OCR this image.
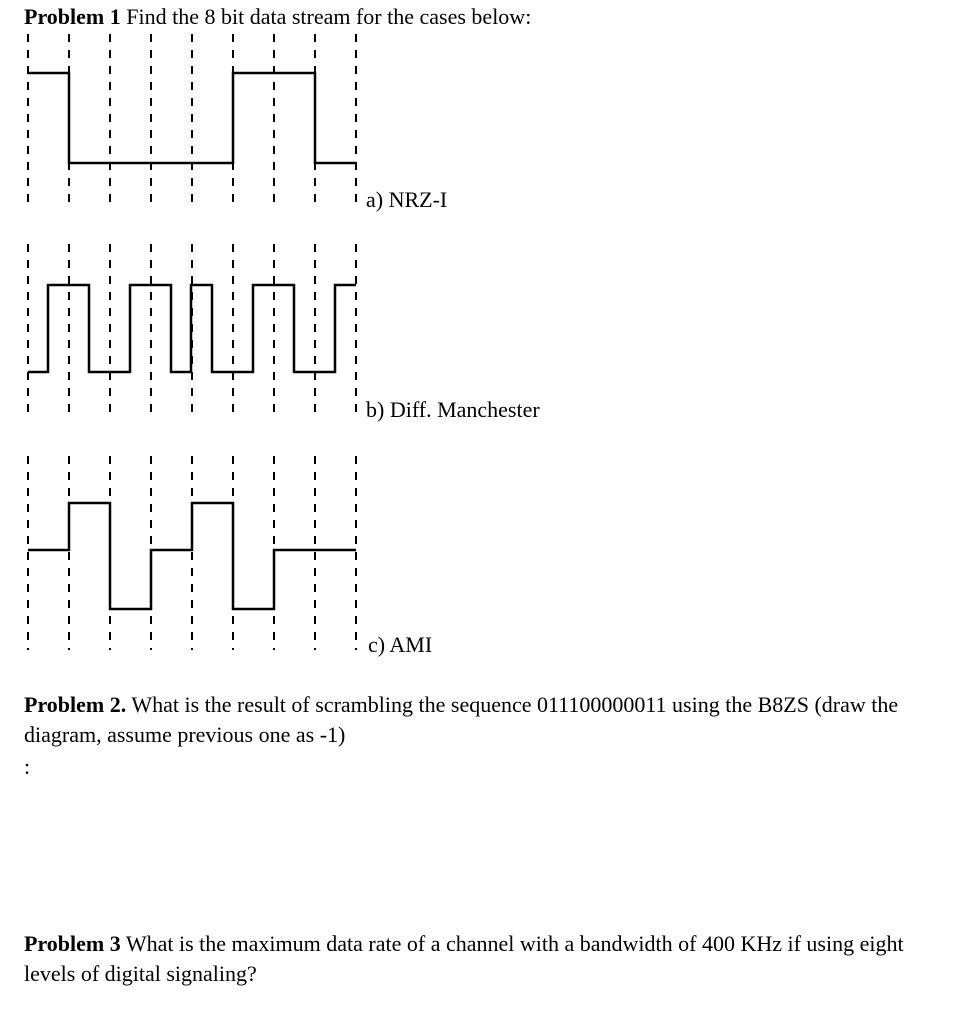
Problem 1 Find the 8 bit data stream for the cases below:
a) NRZ-I
b) Diff. Manchester
c) AMI
Problem 2. What is the result of scrambling the sequence 011100000011 using the B8ZS (draw the diagram, assume previous one as -1)
:
Problem 3 What is the maximum data rate of a channel with a bandwidth of 400 KHz if using eight levels of digital signaling?
